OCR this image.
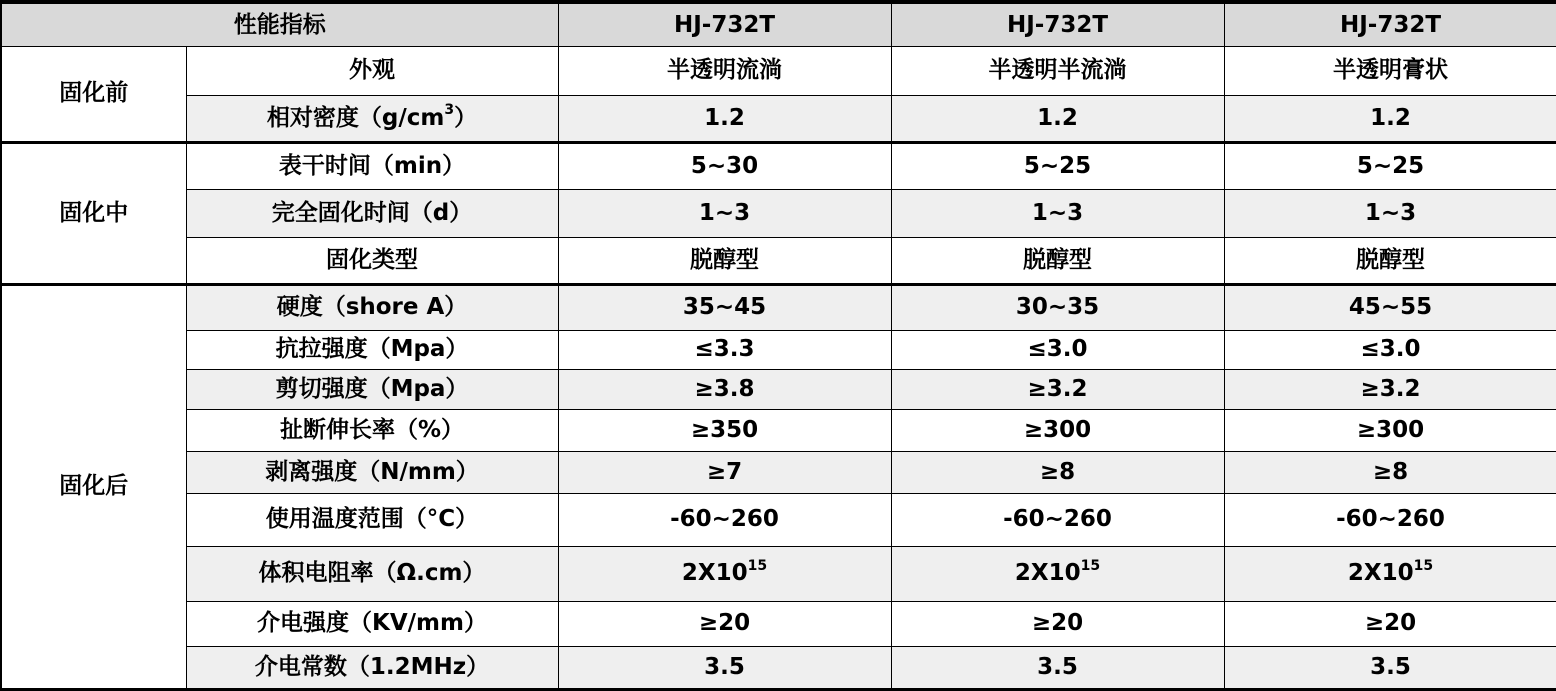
性能指标		HJ-732T	HJ-732T	HJ-732T
固化前	外观	半透明流淌	半透明半流淌	半透明膏状
	相对密度$(g/cm^3)$	1.2	1.2	1.2
固化中	表干时间（min）	5~30	5~25	5~25
	完全固化时间（d）	1~3	1~3	1~3
	固化类型	脱醇型	脱醇型	脱醇型
固化后	硬度（shore A）	35~45	30~35	45~55
	抗拉强度（Mpa）	≤3.3	≤3.0	≤3.0
	剪切强度（Mpa）	≥3.8	≥3.2	≥3.2
	扯断伸长率（%）	≥350	≥300	≥300
	剥离强度（N/mm）	≥7	≥8	≥8
	使用温度范围（°C）	-60~260	-60~260	-60~260
	体积电阻率（Ω.cm）	$2X10^{15}$	$2X10^{15}$	$2X10^{15}$
	介电强度（KV/mm）	≥20	≥20	≥20
	介电常数（1.2MHz）	3.5	3.5	3.5
